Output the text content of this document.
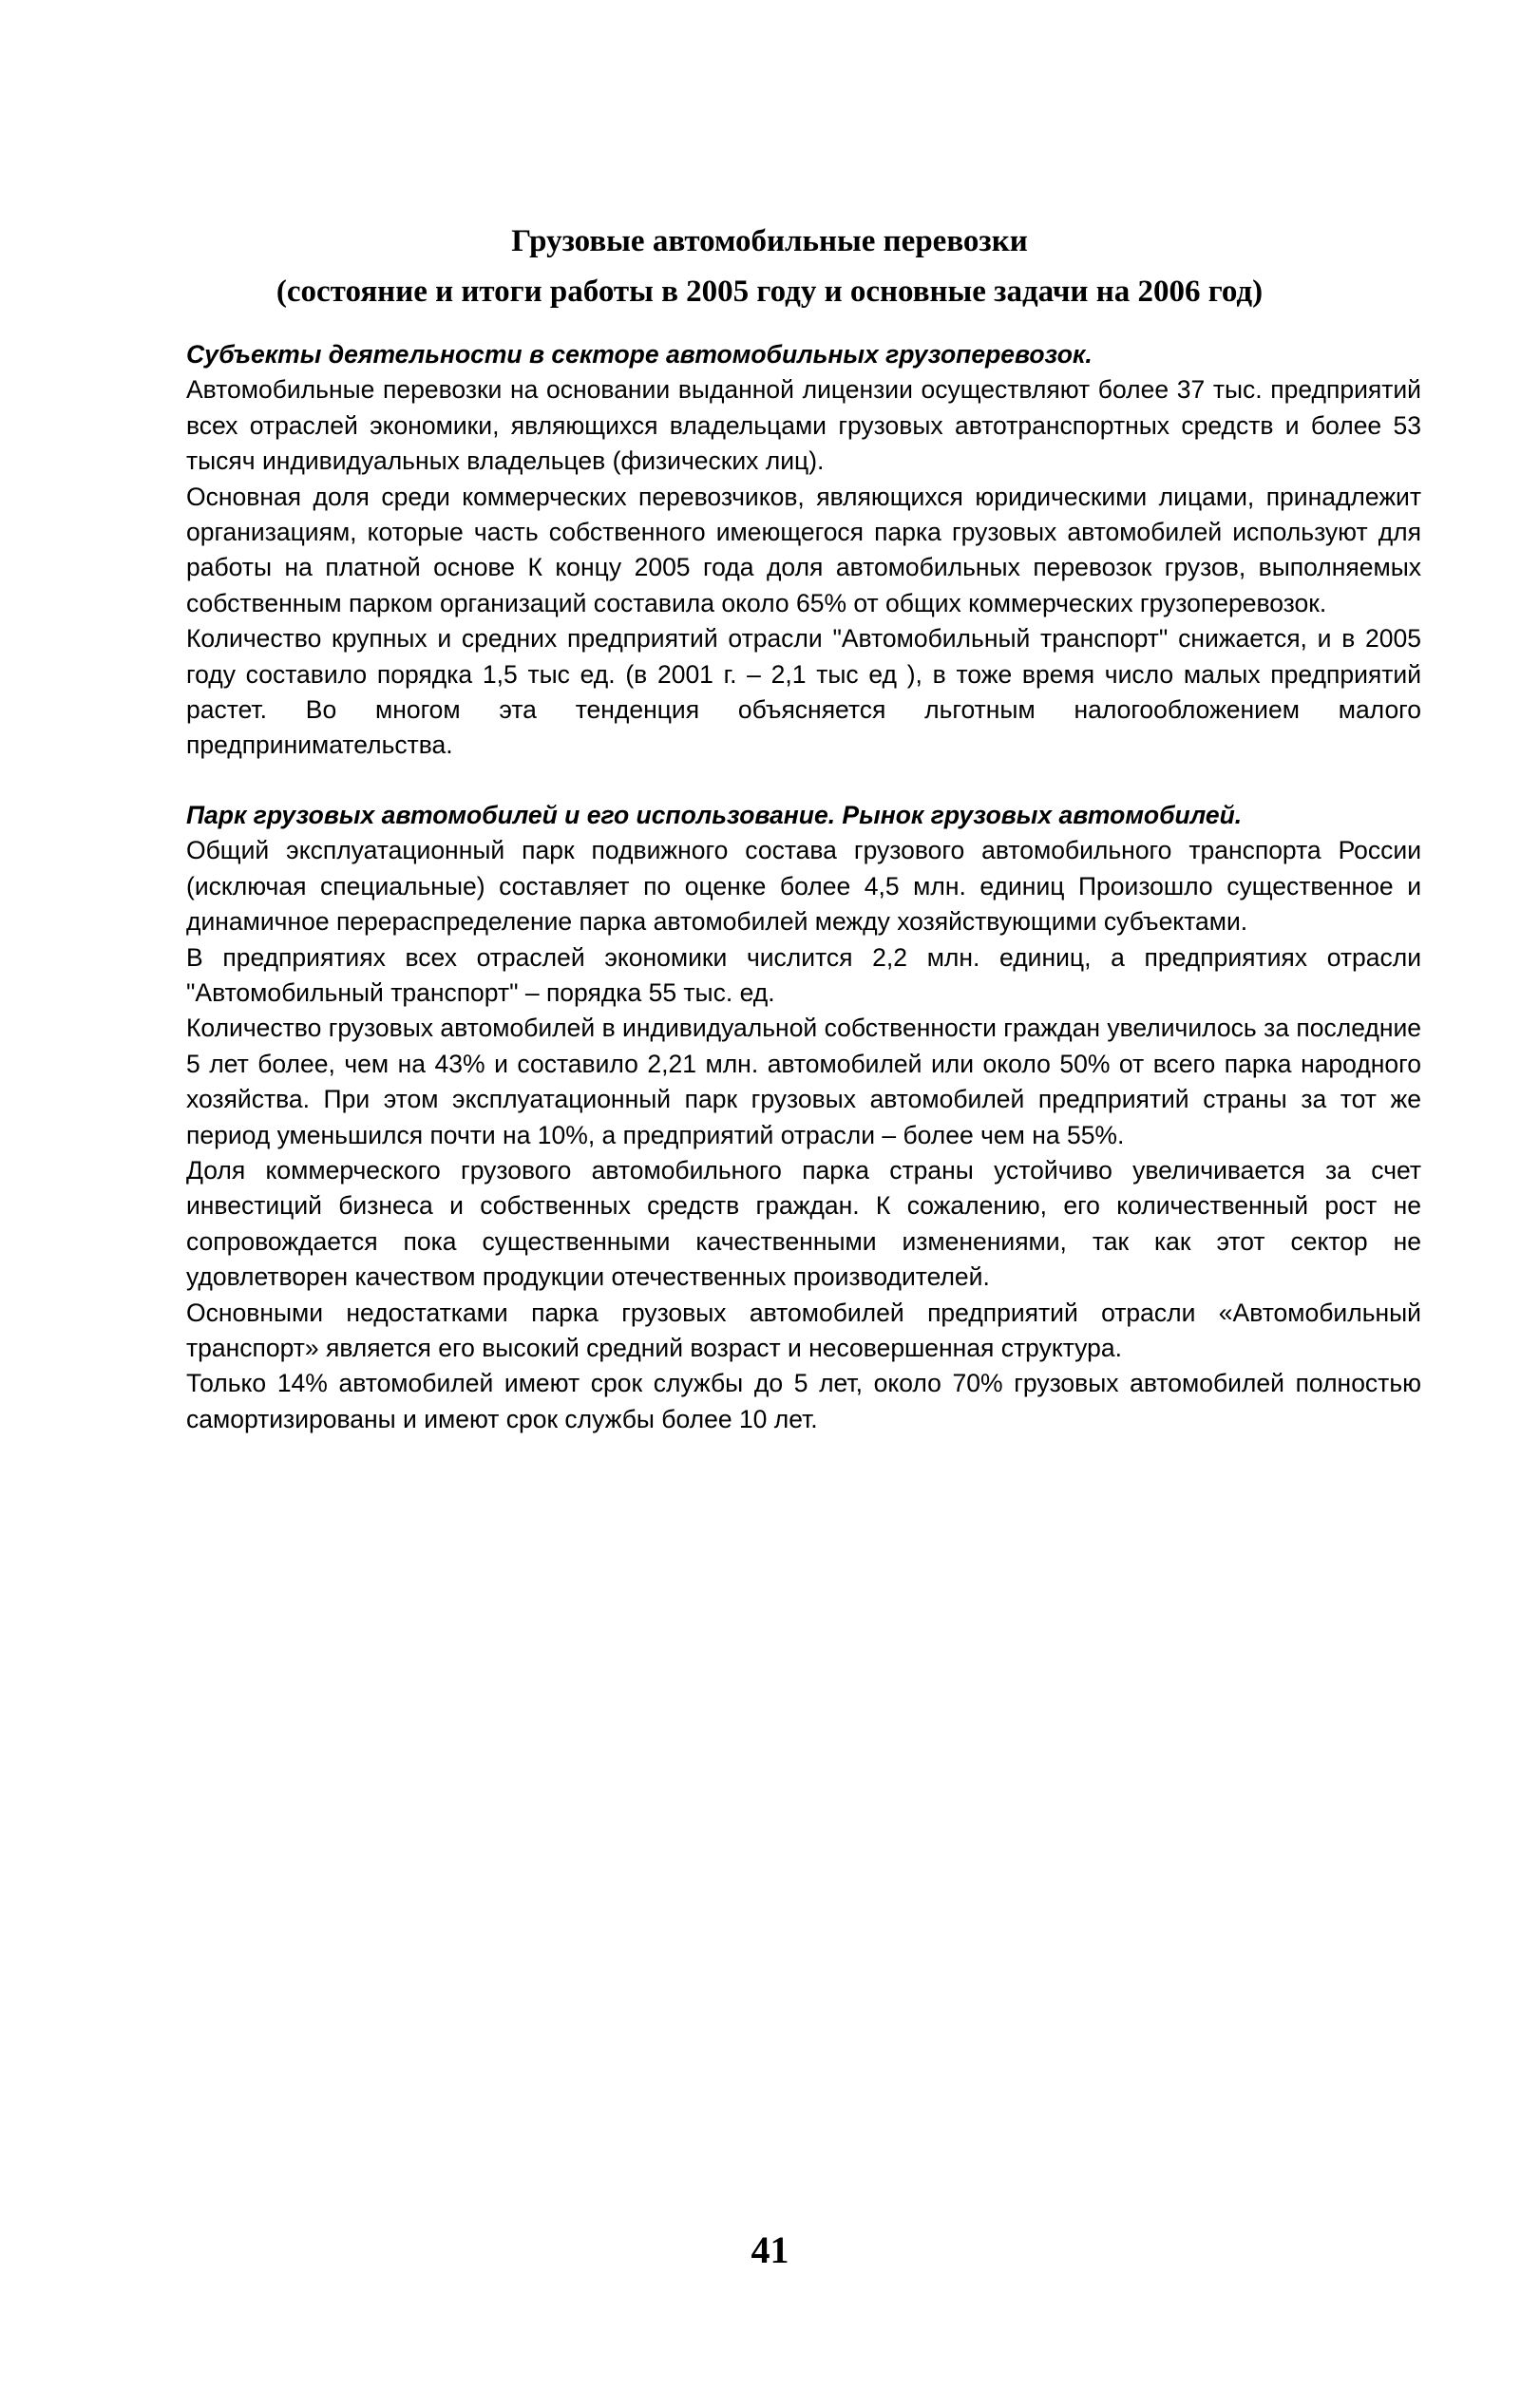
Грузовые автомобильные перевозки
(состояние и итоги работы в 2005 году и основные задачи на 2006 год)

Субъекты деятельности в секторе автомобильных грузоперевозок.

Автомобильные перевозки на основании выданной лицензии осуществляют более 37 тыс. предприятий всех отраслей экономики, являющихся владельцами грузовых автотранспортных средств и более 53 тысяч индивидуальных владельцев (физических лиц).

Основная доля среди коммерческих перевозчиков, являющихся юридическими лицами, принадлежит организациям, которые часть собственного имеющегося парка грузовых автомобилей используют для работы на платной основе К концу 2005 года доля автомобильных перевозок грузов, выполняемых собственным парком организаций составила около 65% от общих коммерческих грузоперевозок.

Количество крупных и средних предприятий отрасли "Автомобильный транспорт" снижается, и в 2005 году составило порядка 1,5 тыс ед. (в 2001 г. – 2,1 тыс ед ), в тоже время число малых предприятий растет. Во многом эта тенденция объясняется льготным налогообложением малого предпринимательства.

Парк грузовых автомобилей и его использование. Рынок грузовых автомобилей.

Общий эксплуатационный парк подвижного состава грузового автомобильного транспорта России (исключая специальные) составляет по оценке более 4,5 млн. единиц Произошло существенное и динамичное перераспределение парка автомобилей между хозяйствующими субъектами.

В предприятиях всех отраслей экономики числится 2,2 млн. единиц, а предприятиях отрасли "Автомобильный транспорт" – порядка 55 тыс. ед.

Количество грузовых автомобилей в индивидуальной собственности граждан увеличилось за последние 5 лет более, чем на 43% и составило 2,21 млн. автомобилей или около 50% от всего парка народного хозяйства. При этом эксплуатационный парк грузовых автомобилей предприятий страны за тот же период уменьшился почти на 10%, а предприятий отрасли – более чем на 55%.

Доля коммерческого грузового автомобильного парка страны устойчиво увеличивается за счет инвестиций бизнеса и собственных средств граждан. К сожалению, его количественный рост не сопровождается пока существенными качественными изменениями, так как этот сектор не удовлетворен качеством продукции отечественных производителей.

Основными недостатками парка грузовых автомобилей предприятий отрасли «Автомобильный транспорт» является его высокий средний возраст и несовершенная структура.

Только 14% автомобилей имеют срок службы до 5 лет, около 70% грузовых автомобилей полностью самортизированы и имеют срок службы более 10 лет.

41
